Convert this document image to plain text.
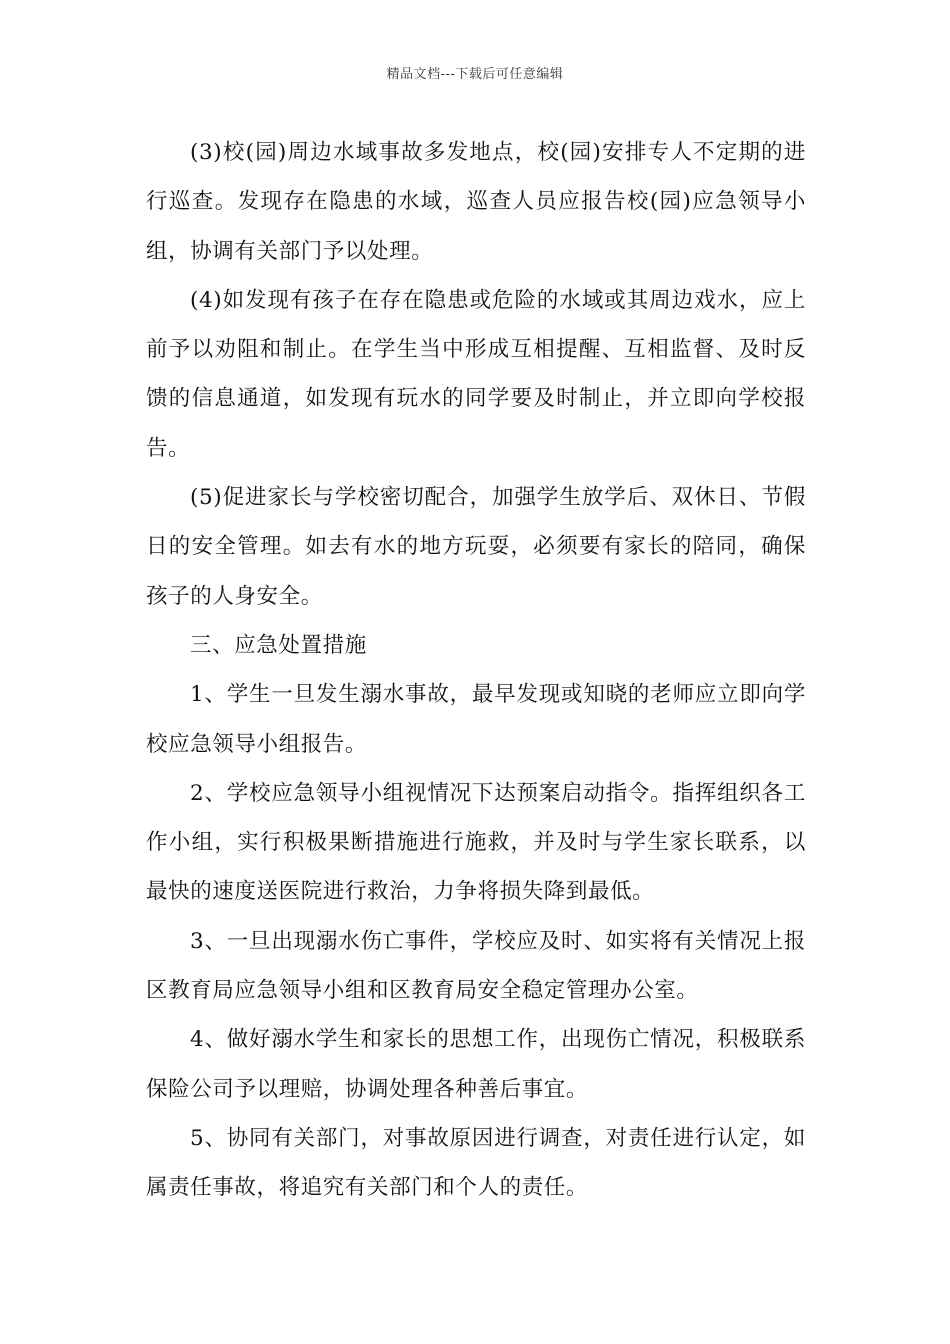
精品文档---下载后可任意编辑

(3)校(园)周边水域事故多发地点，校(园)安排专人不定期的进行巡查。发现存在隐患的水域，巡查人员应报告校(园)应急领导小组，协调有关部门予以处理。

(4)如发现有孩子在存在隐患或危险的水域或其周边戏水，应上前予以劝阻和制止。在学生当中形成互相提醒、互相监督、及时反馈的信息通道，如发现有玩水的同学要及时制止，并立即向学校报告。

(5)促进家长与学校密切配合，加强学生放学后、双休日、节假日的安全管理。如去有水的地方玩耍，必须要有家长的陪同，确保孩子的人身安全。

三、应急处置措施

1、学生一旦发生溺水事故，最早发现或知晓的老师应立即向学校应急领导小组报告。

2、学校应急领导小组视情况下达预案启动指令。指挥组织各工作小组，实行积极果断措施进行施救，并及时与学生家长联系，以最快的速度送医院进行救治，力争将损失降到最低。

3、一旦出现溺水伤亡事件，学校应及时、如实将有关情况上报区教育局应急领导小组和区教育局安全稳定管理办公室。

4、做好溺水学生和家长的思想工作，出现伤亡情况，积极联系保险公司予以理赔，协调处理各种善后事宜。

5、协同有关部门，对事故原因进行调查，对责任进行认定，如属责任事故，将追究有关部门和个人的责任。
